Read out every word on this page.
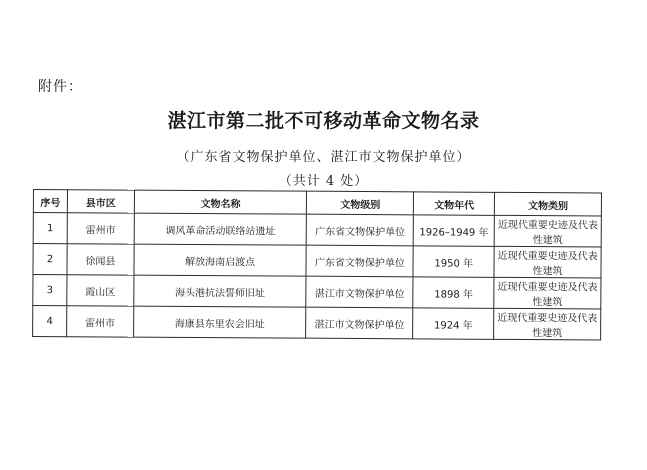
附件：
湛江市第二批不可移动革命文物名录
（广东省文物保护单位、湛江市文物保护单位）
（共计 4 处）
序号	县市区	文物名称	文物级别	文物年代	文物类别
1	雷州市	调风革命活动联络站遗址	广东省文物保护单位	1926–1949 年	近现代重要史迹及代表性建筑
2	徐闻县	解放海南启渡点	广东省文物保护单位	1950 年	近现代重要史迹及代表性建筑
3	霞山区	海头港抗法誓师旧址	湛江市文物保护单位	1898 年	近现代重要史迹及代表性建筑
4	雷州市	海康县东里农会旧址	湛江市文物保护单位	1924 年	近现代重要史迹及代表性建筑
